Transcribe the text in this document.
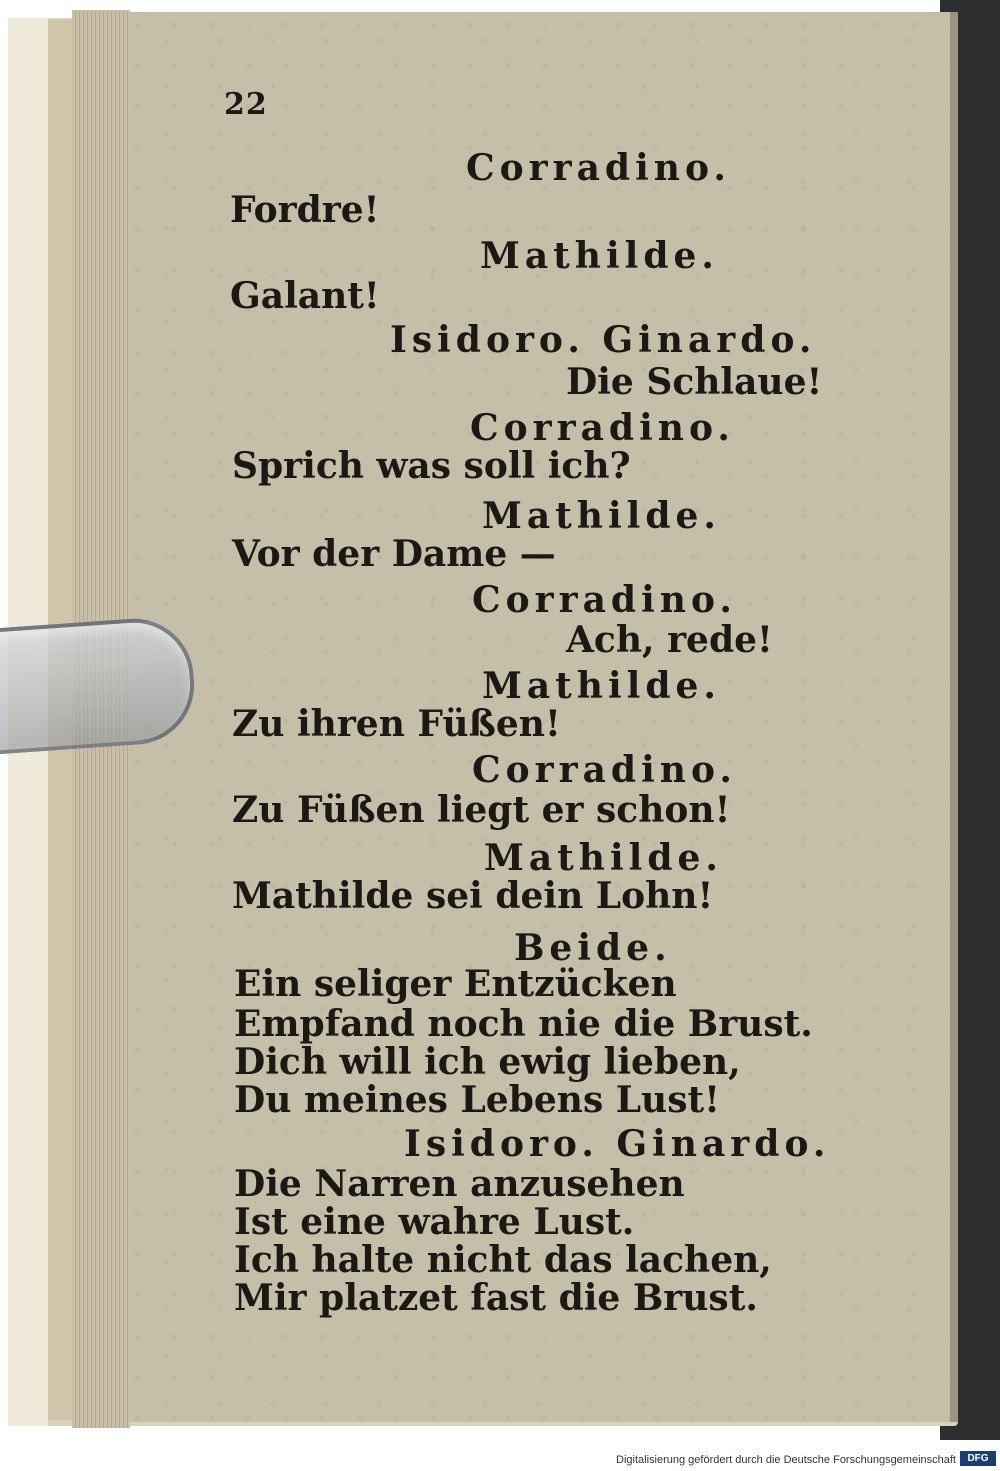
22
Corradino.
Fordre!
Mathilde.
Galant!
Isidoro. Ginardo.
Die Schlaue!
Corradino.
Sprich was soll ich?
Mathilde.
Vor der Dame —
Corradino.
Ach, rede!
Mathilde.
Zu ihren Füßen!
Corradino.
Zu Füßen liegt er schon!
Mathilde.
Mathilde sei dein Lohn!
Beide.
Ein seliger Entzücken
Empfand noch nie die Brust.
Dich will ich ewig lieben,
Du meines Lebens Lust!
Isidoro. Ginardo.
Die Narren anzusehen
Ist eine wahre Lust.
Ich halte nicht das lachen,
Mir platzet fast die Brust.
Digitalisierung gefördert durch die Deutsche Forschungsgemeinschaft	DFG
